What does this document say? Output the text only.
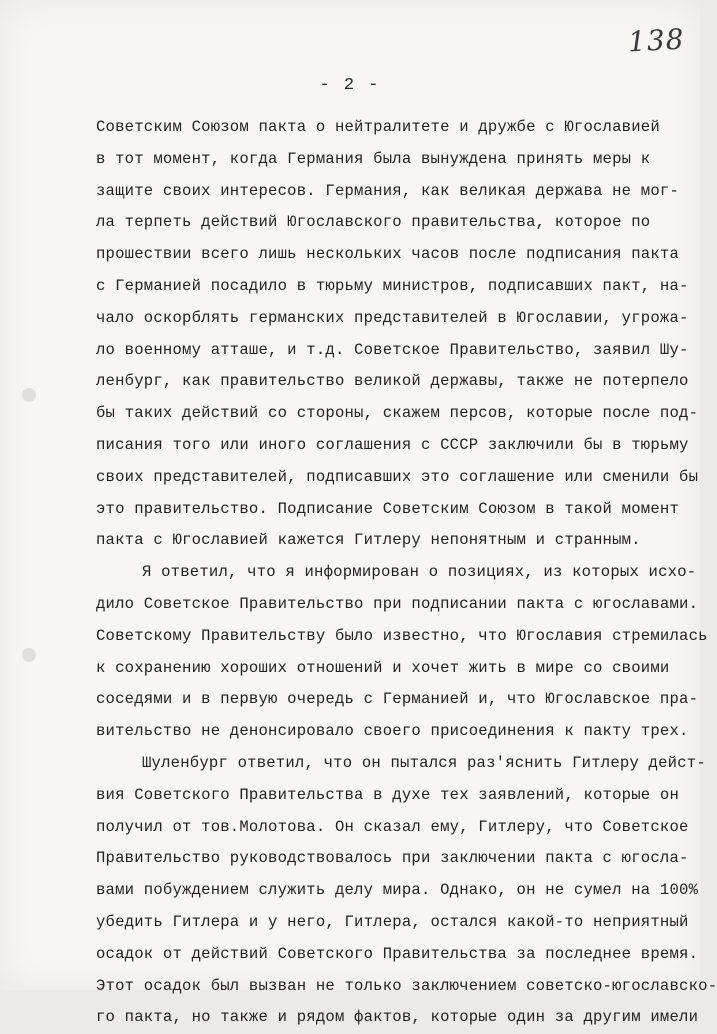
138
- 2 -
Советским Союзом пакта о нейтралитете и дружбе с Югославией
в тот момент, когда Германия была вынуждена принять меры к
защите своих интересов. Германия, как великая держава не мог-
ла терпеть действий Югославского правительства, которое по
прошествии всего лишь нескольких часов после подписания пакта
с Германией посадило в тюрьму министров, подписавших пакт, на-
чало оскорблять германских представителей в Югославии, угрожа-
ло военному атташе, и т.д. Советское Правительство, заявил Шу-
ленбург, как правительство великой державы, также не потерпело
бы таких действий со стороны, скажем персов, которые после под-
писания того или иного соглашения с СССР заключили бы в тюрьму
своих представителей, подписавших это соглашение или сменили бы
это правительство. Подписание Советским Союзом в такой момент
пакта с Югославией кажется Гитлеру непонятным и странным.
Я ответил, что я информирован о позициях, из которых исхо-
дило Советское Правительство при подписании пакта с югославами.
Советскому Правительству было известно, что Югославия стремилась
к сохранению хороших отношений и хочет жить в мире со своими
соседями и в первую очередь с Германией и, что Югославское пра-
вительство не денонсировало своего присоединения к пакту трех.
Шуленбург ответил, что он пытался раз'яснить Гитлеру дейст-
вия Советского Правительства в духе тех заявлений, которые он
получил от тов.Молотова. Он сказал ему, Гитлеру, что Советское
Правительство руководствовалось при заключении пакта с югосла-
вами побуждением служить делу мира. Однако, он не сумел на 100%
убедить Гитлера и у него, Гитлера, остался какой-то неприятный
осадок от действий Советского Правительства за последнее время.
Этот осадок был вызван не только заключением советско-югославско-
го пакта, но также и рядом фактов, которые один за другим имели
